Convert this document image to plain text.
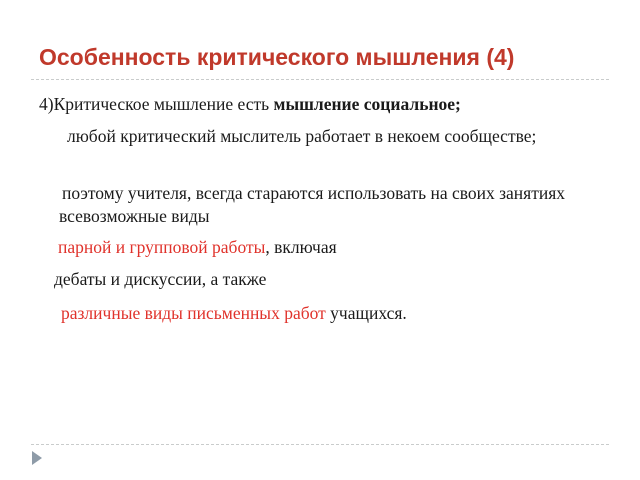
Особенность критического мышления (4)
4)Критическое мышление есть мышление социальное;
любой критический мыслитель работает в некоем сообществе;
поэтому учителя, всегда стараются использовать на своих занятиях всевозможные виды
парной и групповой работы, включая
дебаты и дискуссии, а также
различные виды письменных работ учащихся.
